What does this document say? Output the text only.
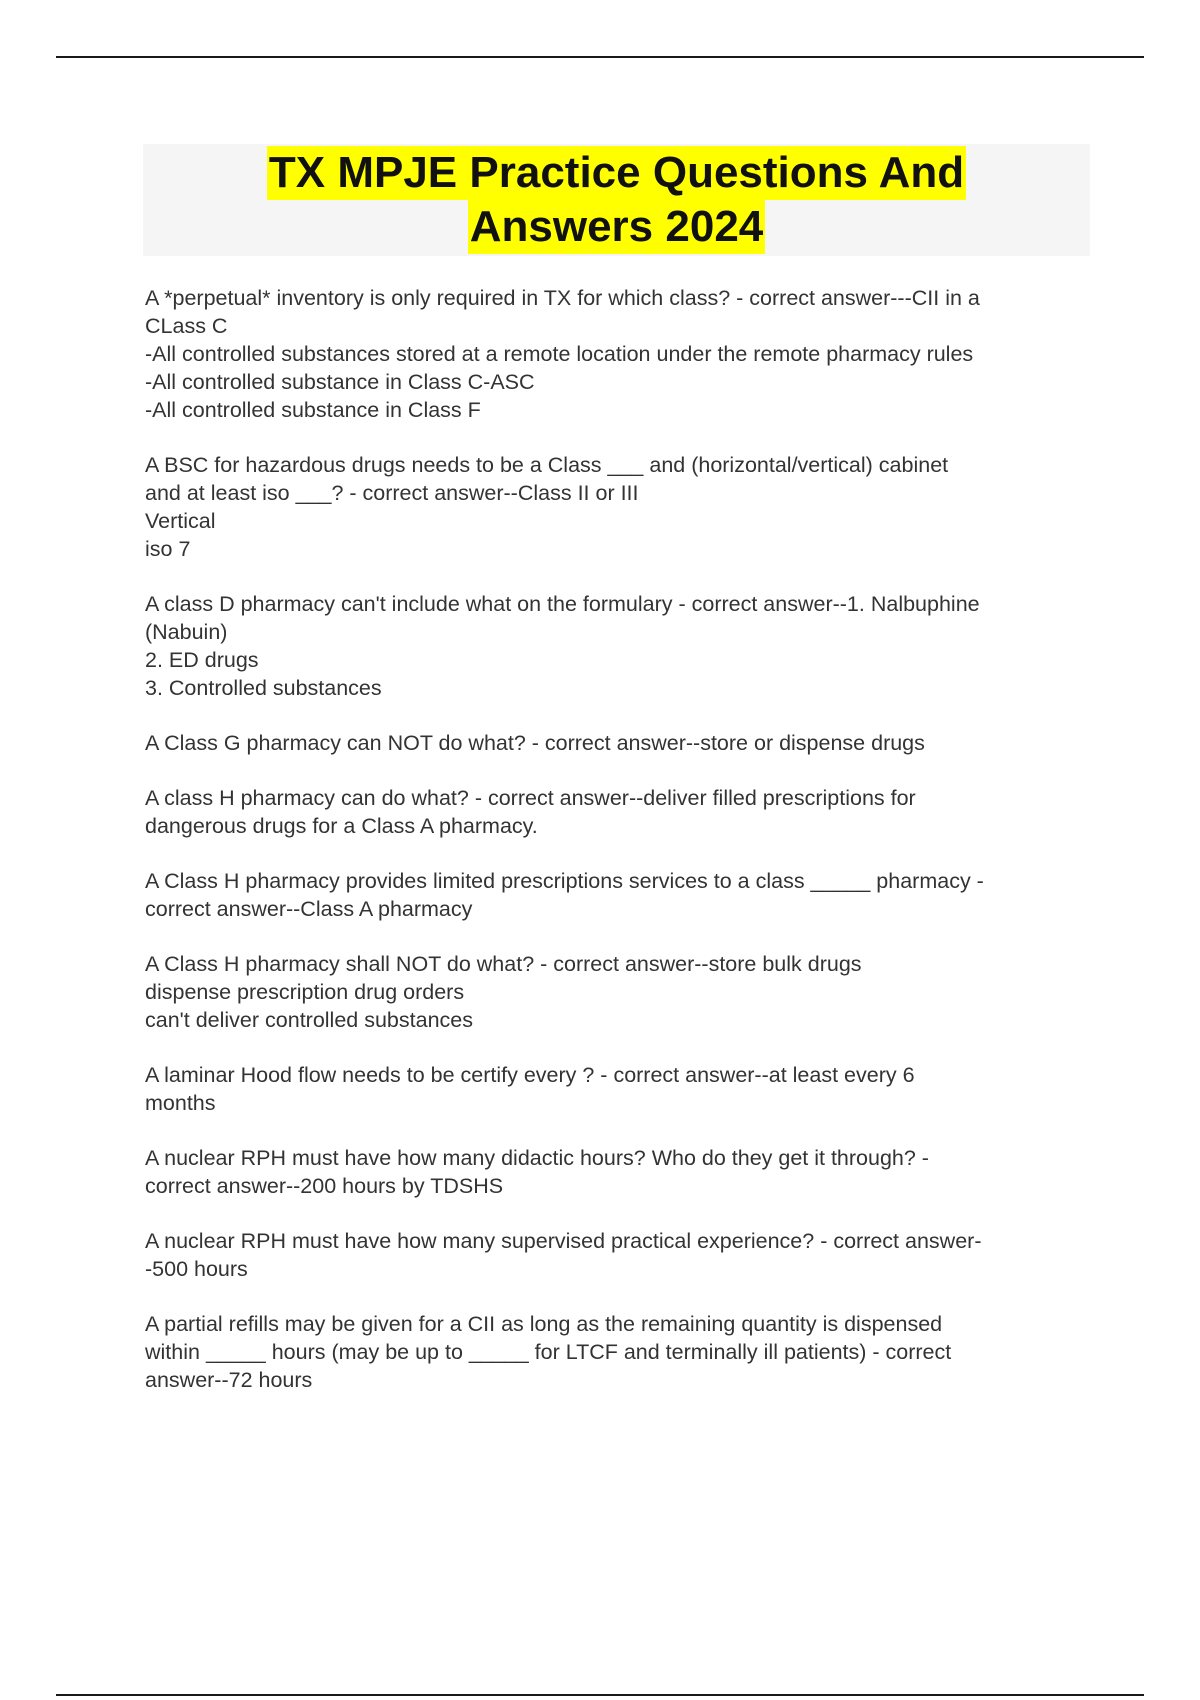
TX MPJE Practice Questions And
Answers 2024
A *perpetual* inventory is only required in TX for which class? - correct answer---CII in a
CLass C
-All controlled substances stored at a remote location under the remote pharmacy rules
-All controlled substance in Class C-ASC
-All controlled substance in Class F
A BSC for hazardous drugs needs to be a Class ___ and (horizontal/vertical) cabinet
and at least iso ___? - correct answer--Class II or III
Vertical
iso 7
A class D pharmacy can't include what on the formulary - correct answer--1. Nalbuphine
(Nabuin)
2. ED drugs
3. Controlled substances
A Class G pharmacy can NOT do what? - correct answer--store or dispense drugs
A class H pharmacy can do what? - correct answer--deliver filled prescriptions for
dangerous drugs for a Class A pharmacy.
A Class H pharmacy provides limited prescriptions services to a class _____ pharmacy -
correct answer--Class A pharmacy
A Class H pharmacy shall NOT do what? - correct answer--store bulk drugs
dispense prescription drug orders
can't deliver controlled substances
A laminar Hood flow needs to be certify every ? - correct answer--at least every 6
months
A nuclear RPH must have how many didactic hours? Who do they get it through? -
correct answer--200 hours by TDSHS
A nuclear RPH must have how many supervised practical experience? - correct answer-
-500 hours
A partial refills may be given for a CII as long as the remaining quantity is dispensed
within _____ hours (may be up to _____ for LTCF and terminally ill patients) - correct
answer--72 hours
